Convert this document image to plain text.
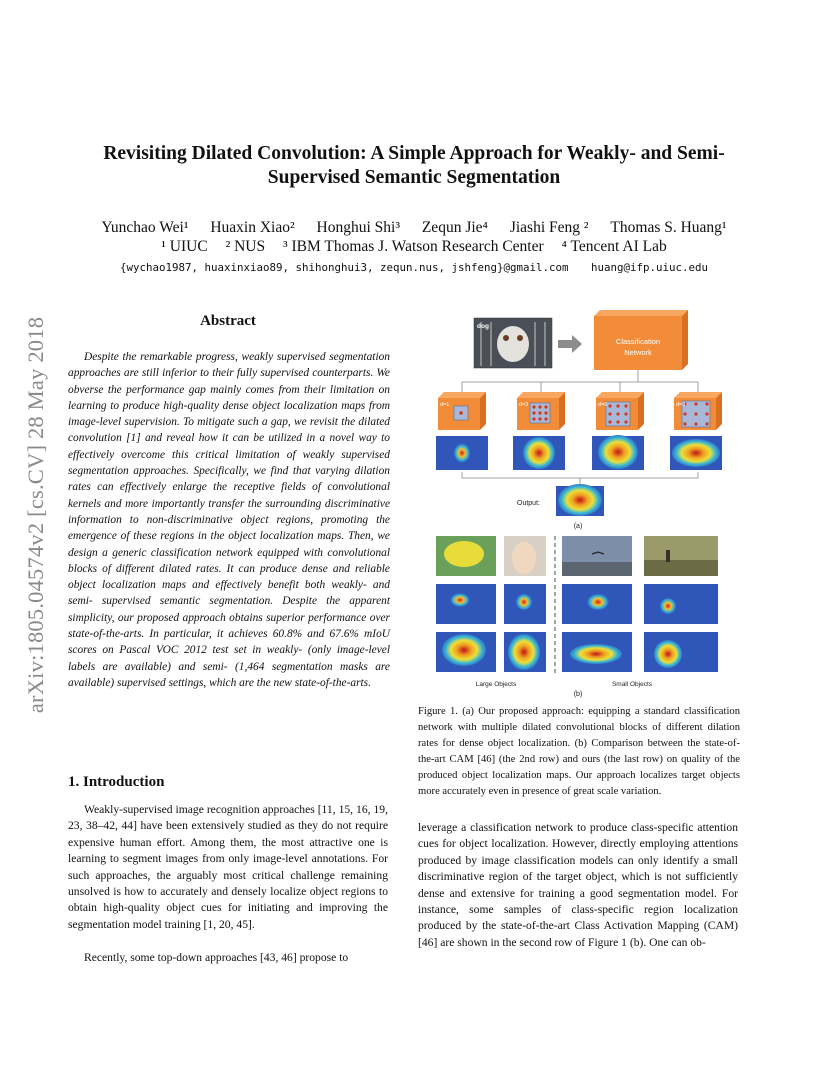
arXiv:1805.04574v2 [cs.CV] 28 May 2018
Revisiting Dilated Convolution: A Simple Approach for Weakly- and Semi-
Supervised Semantic Segmentation
Yunchao Wei¹ Huaxin Xiao² Honghui Shi³ Zequn Jie⁴ Jiashi Feng ² Thomas S. Huang¹
¹ UIUC ² NUS ³ IBM Thomas J. Watson Research Center ⁴ Tencent AI Lab
{wychao1987, huaxinxiao89, shihonghui3, zequn.nus, jshfeng}@gmail.com huang@ifp.uiuc.edu
Abstract

Despite the remarkable progress, weakly supervised segmentation approaches are still inferior to their fully supervised counterparts. We obverse the performance gap mainly comes from their limitation on learning to produce high-quality dense object localization maps from image-level supervision. To mitigate such a gap, we revisit the dilated convolution [1] and reveal how it can be utilized in a novel way to effectively overcome this critical limitation of weakly supervised segmentation approaches. Specifically, we find that varying dilation rates can effectively enlarge the receptive fields of convolutional kernels and more importantly transfer the surrounding discriminative information to non-discriminative object regions, promoting the emergence of these regions in the object localization maps. Then, we design a generic classification network equipped with convolutional blocks of different dilated rates. It can produce dense and reliable object localization maps and effectively benefit both weakly- and semi- supervised semantic segmentation. Despite the apparent simplicity, our proposed approach obtains superior performance over state-of-the-arts. In particular, it achieves 60.8% and 67.6% mIoU scores on Pascal VOC 2012 test set in weakly- (only image-level labels are available) and semi- (1,464 segmentation masks are available) supervised settings, which are the new state-of-the-arts.

1. Introduction

Weakly-supervised image recognition approaches [11, 15, 16, 19, 23, 38–42, 44] have been extensively studied as they do not require expensive human effort. Among them, the most attractive one is learning to segment images from only image-level annotations. For such approaches, the arguably most critical challenge remaining unsolved is how to accurately and densely localize object regions to obtain high-quality object cues for initiating and improving the segmentation model training [1, 20, 45].

Recently, some top-down approaches [43, 46] propose to

leverage a classification network to produce class-specific attention cues for object localization. However, directly employing attentions produced by image classification models can only identify a small discriminative region of the target object, which is not sufficiently dense and extensive for training a good segmentation model. For instance, some samples of class-specific region localization produced by the state-of-the-art Class Activation Mapping (CAM) [46] are shown in the second row of Figure 1 (b). One can ob-

Figure 1. (a) Our proposed approach: equipping a standard classification network with multiple dilated convolutional blocks of different dilation rates for dense object localization. (b) Comparison between the state-of-the-art CAM [46] (the 2nd row) and ours (the last row) on quality of the produced object localization maps. Our approach localizes target objects more accurately even in presence of great scale variation.

dog
Classification
Network
d=1	d=3	d=6	d=9
Output:
(a)
Large Objects	Small Objects
(b)
